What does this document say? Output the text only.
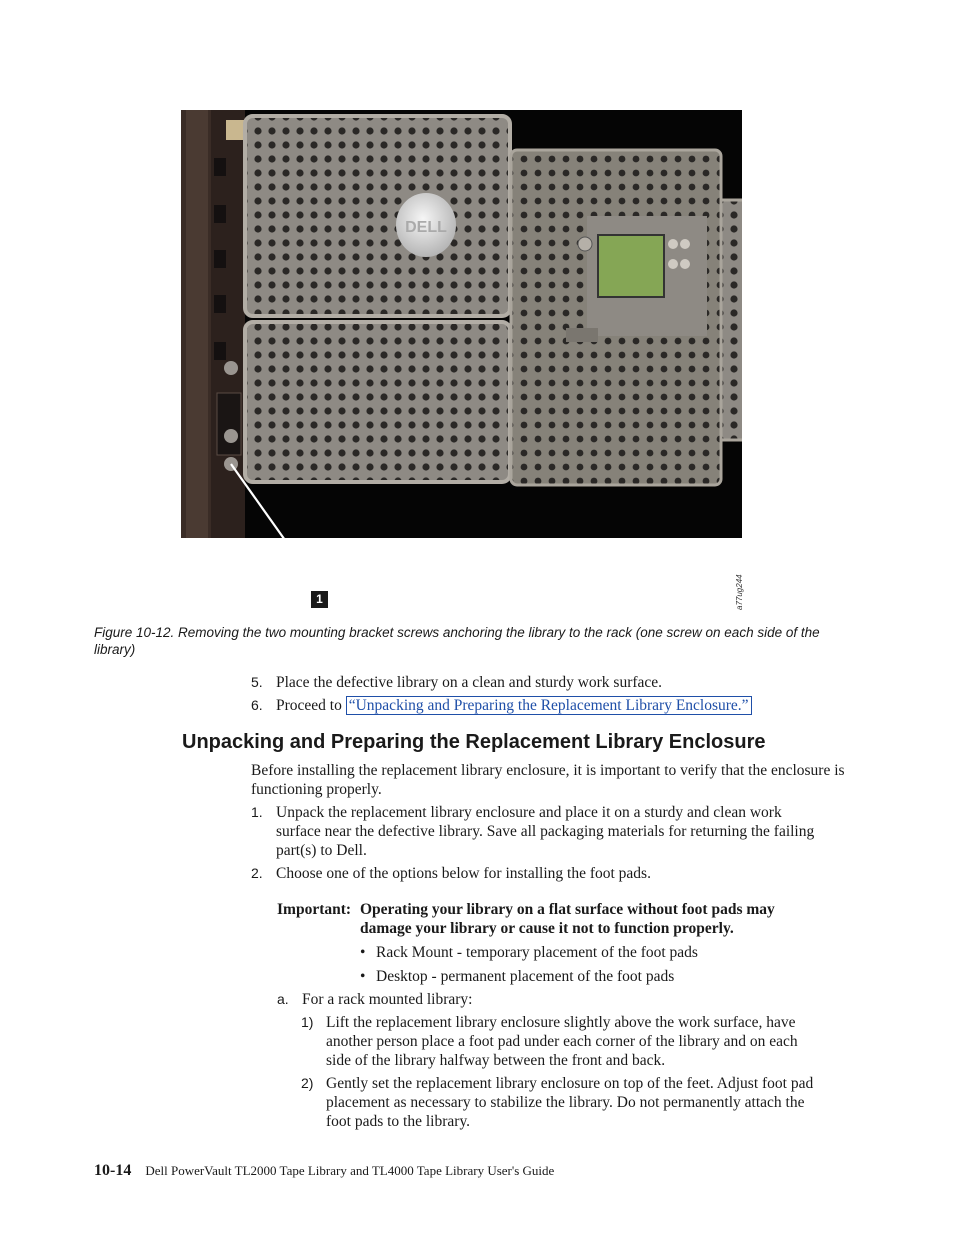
DELL
1	a77ug244
Figure 10-12. Removing the two mounting bracket screws anchoring the library to the rack (one screw on each side of the library)
5. Place the defective library on a clean and sturdy work surface.
6. Proceed to “Unpacking and Preparing the Replacement Library Enclosure.”
Unpacking and Preparing the Replacement Library Enclosure
Before installing the replacement library enclosure, it is important to verify that the enclosure is functioning properly.
1. Unpack the replacement library enclosure and place it on a sturdy and clean work surface near the defective library. Save all packaging materials for returning the failing part(s) to Dell.
2. Choose one of the options below for installing the foot pads.
Important: Operating your library on a flat surface without foot pads may damage your library or cause it not to function properly.
• Rack Mount - temporary placement of the foot pads
• Desktop - permanent placement of the foot pads
a. For a rack mounted library:
1) Lift the replacement library enclosure slightly above the work surface, have another person place a foot pad under each corner of the library and on each side of the library halfway between the front and back.
2) Gently set the replacement library enclosure on top of the feet. Adjust foot pad placement as necessary to stabilize the library. Do not permanently attach the foot pads to the library.
10-14 Dell PowerVault TL2000 Tape Library and TL4000 Tape Library User's Guide
